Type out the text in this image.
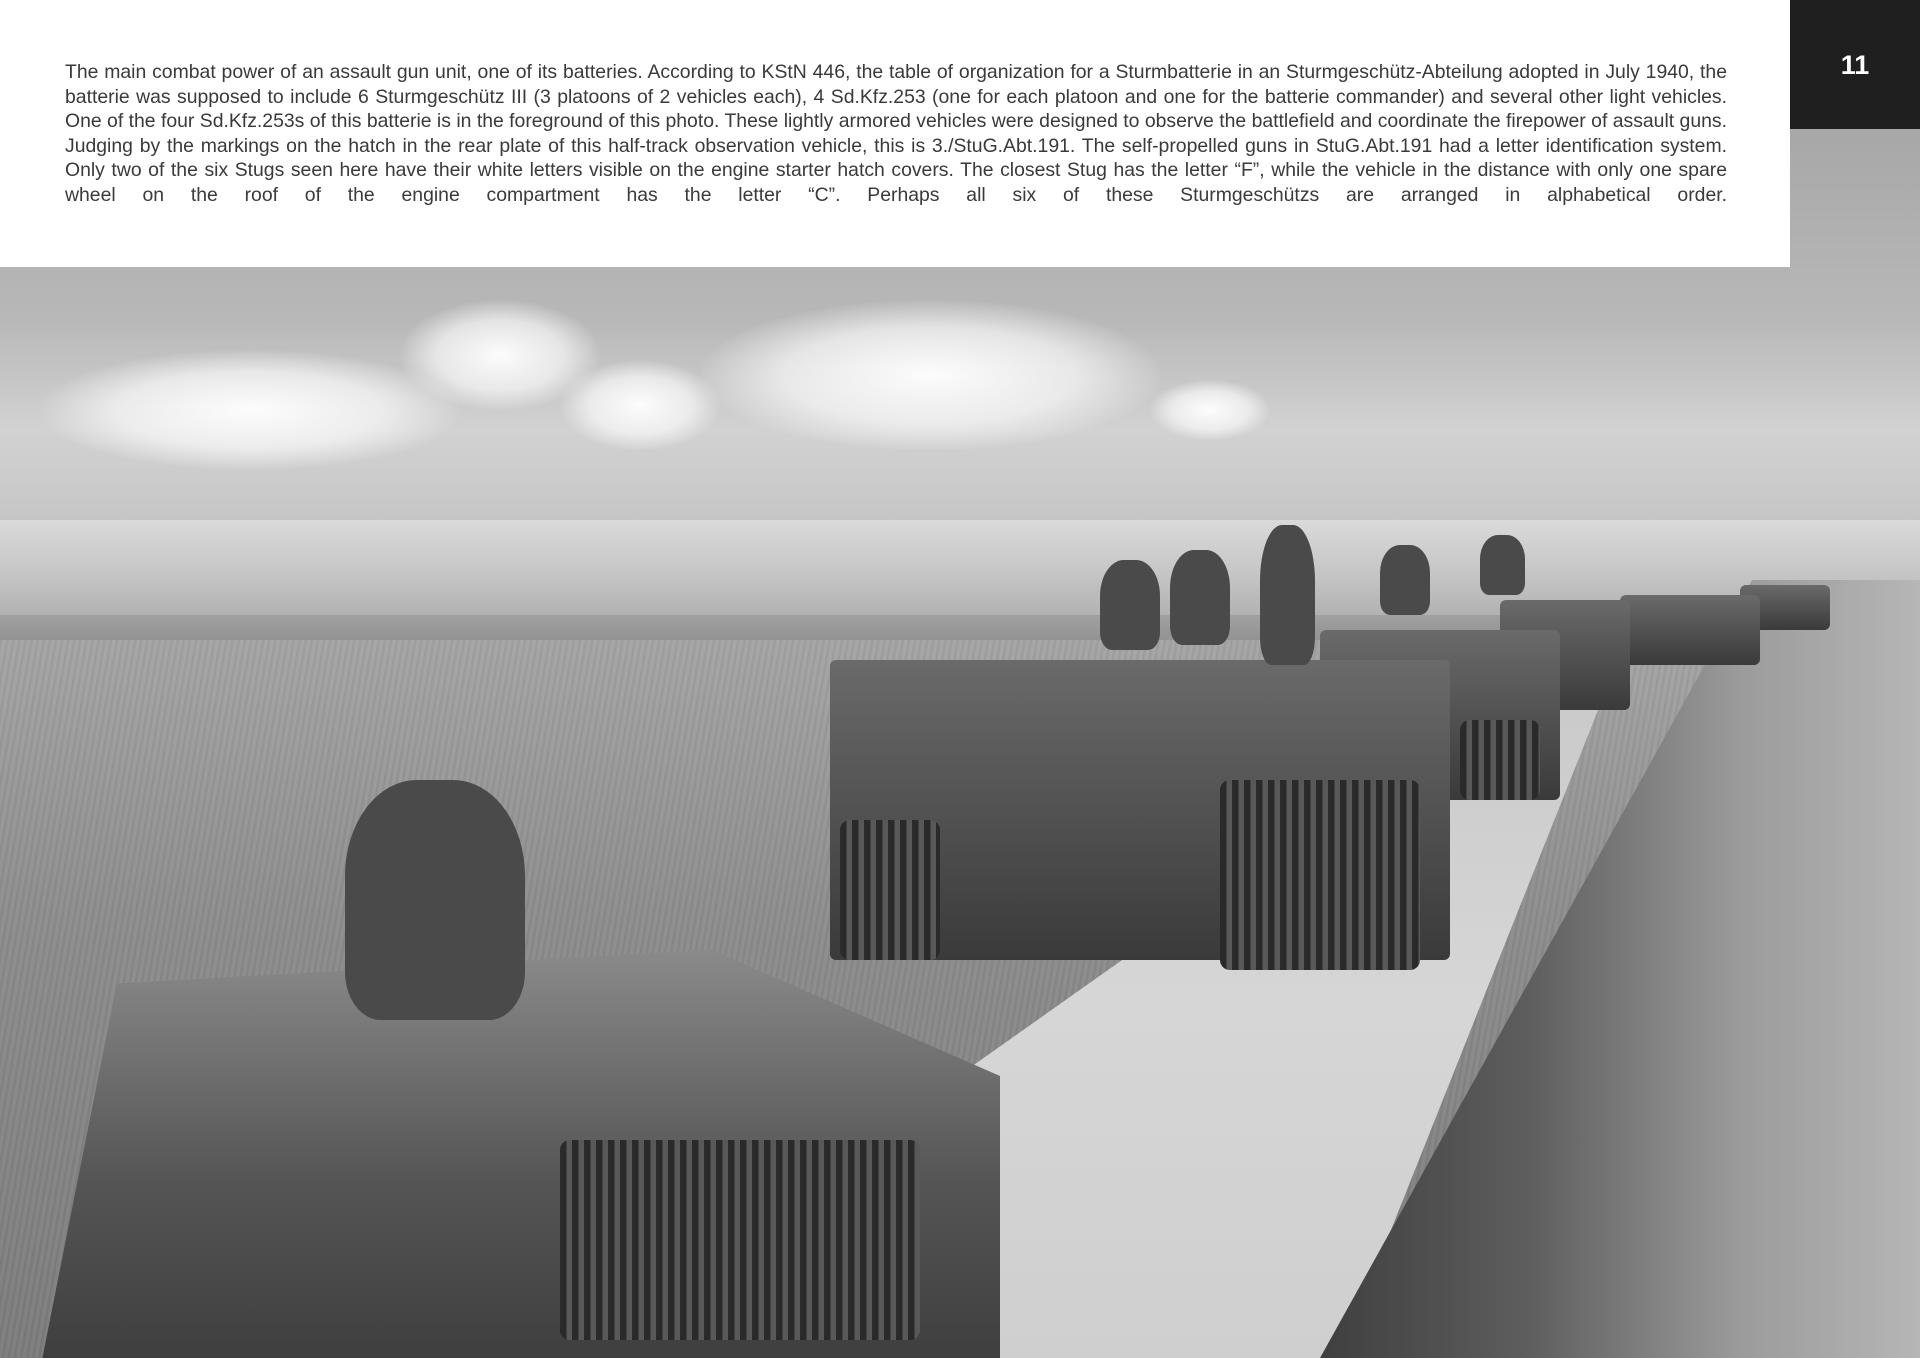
The main combat power of an assault gun unit, one of its batteries. According to KStN 446, the table of organization for a Sturmbatterie in an Sturmgeschütz-Abteilung adopted in July 1940, the batterie was supposed to include 6 Sturmgeschütz III (3 platoons of 2 vehicles each), 4 Sd.Kfz.253 (one for each platoon and one for the batterie commander) and several other light vehicles. One of the four Sd.Kfz.253s of this batterie is in the foreground of this photo. These lightly armored vehicles were designed to observe the battlefield and coordinate the firepower of assault guns. Judging by the markings on the hatch in the rear plate of this half-track observation vehicle, this is 3./StuG.Abt.191. The self-propelled guns in StuG.Abt.191 had a letter identification system. Only two of the six Stugs seen here have their white letters visible on the engine starter hatch covers. The closest Stug has the letter “F”, while the vehicle in the distance with only one spare wheel on the roof of the engine compartment has the letter “C”. Perhaps all six of these Sturmgeschützs are arranged in alphabetical order.

11
